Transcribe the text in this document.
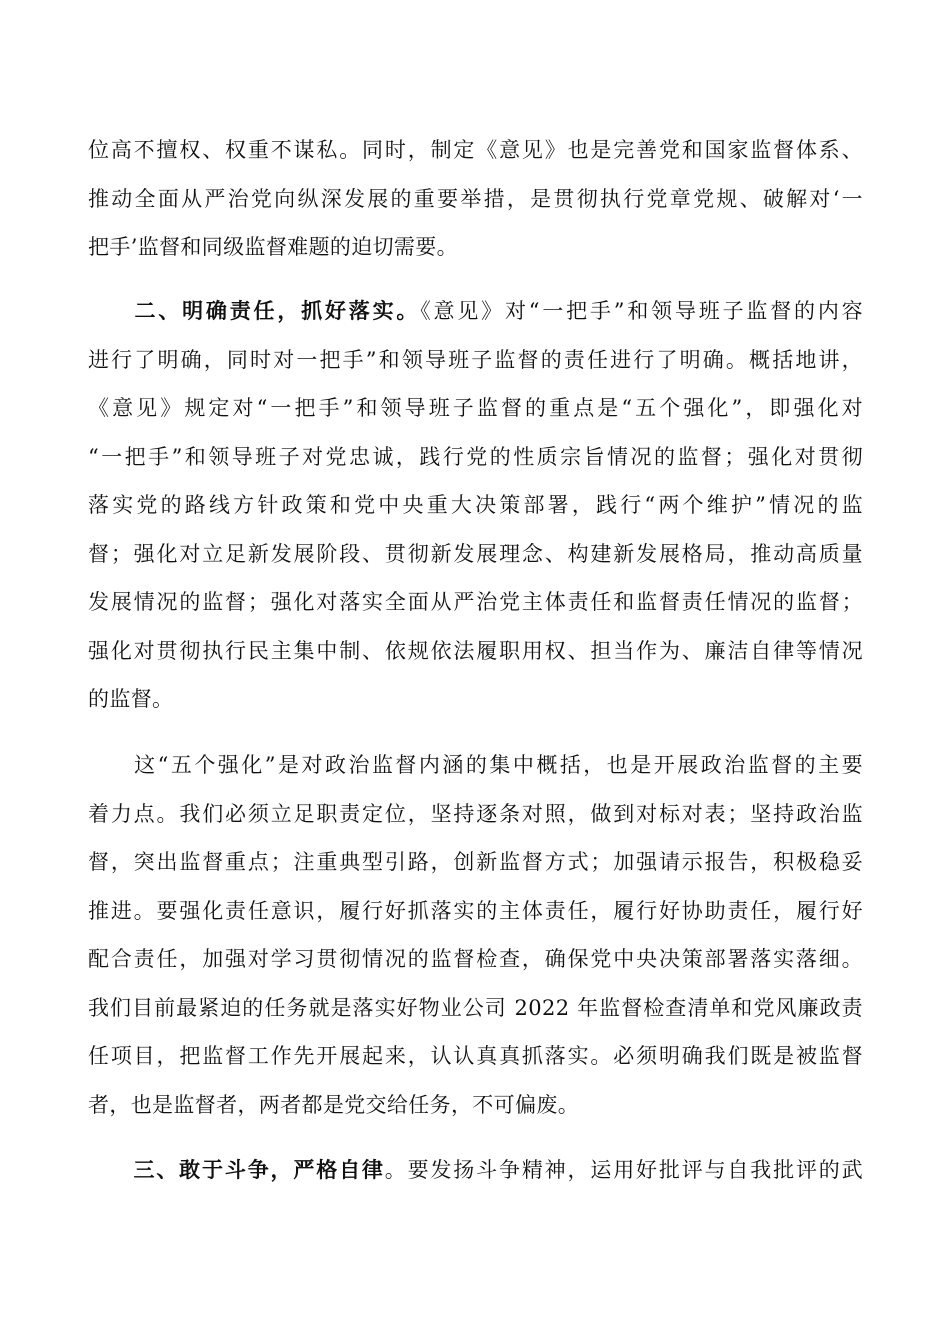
位高不擅权、权重不谋私。同时，制定《意见》也是完善党和国家监督体系、
推动全面从严治党向纵深发展的重要举措，是贯彻执行党章党规、破解对‘一
把手’监督和同级监督难题的迫切需要。
二、明确责任，抓好落实。《意见》对“一把手”和领导班子监督的内容
进行了明确，同时对一把手”和领导班子监督的责任进行了明确。概括地讲，
《意见》规定对“一把手”和领导班子监督的重点是“五个强化”，即强化对
“一把手”和领导班子对党忠诚，践行党的性质宗旨情况的监督；强化对贯彻
落实党的路线方针政策和党中央重大决策部署，践行“两个维护”情况的监
督；强化对立足新发展阶段、贯彻新发展理念、构建新发展格局，推动高质量
发展情况的监督；强化对落实全面从严治党主体责任和监督责任情况的监督；
强化对贯彻执行民主集中制、依规依法履职用权、担当作为、廉洁自律等情况
的监督。
这“五个强化”是对政治监督内涵的集中概括，也是开展政治监督的主要
着力点。我们必须立足职责定位，坚持逐条对照，做到对标对表；坚持政治监
督，突出监督重点；注重典型引路，创新监督方式；加强请示报告，积极稳妥
推进。要强化责任意识，履行好抓落实的主体责任，履行好协助责任，履行好
配合责任，加强对学习贯彻情况的监督检查，确保党中央决策部署落实落细。
我们目前最紧迫的任务就是落实好物业公司 2022 年监督检查清单和党风廉政责
任项目，把监督工作先开展起来，认认真真抓落实。必须明确我们既是被监督
者，也是监督者，两者都是党交给任务，不可偏废。
三、敢于斗争，严格自律。要发扬斗争精神，运用好批评与自我批评的武
